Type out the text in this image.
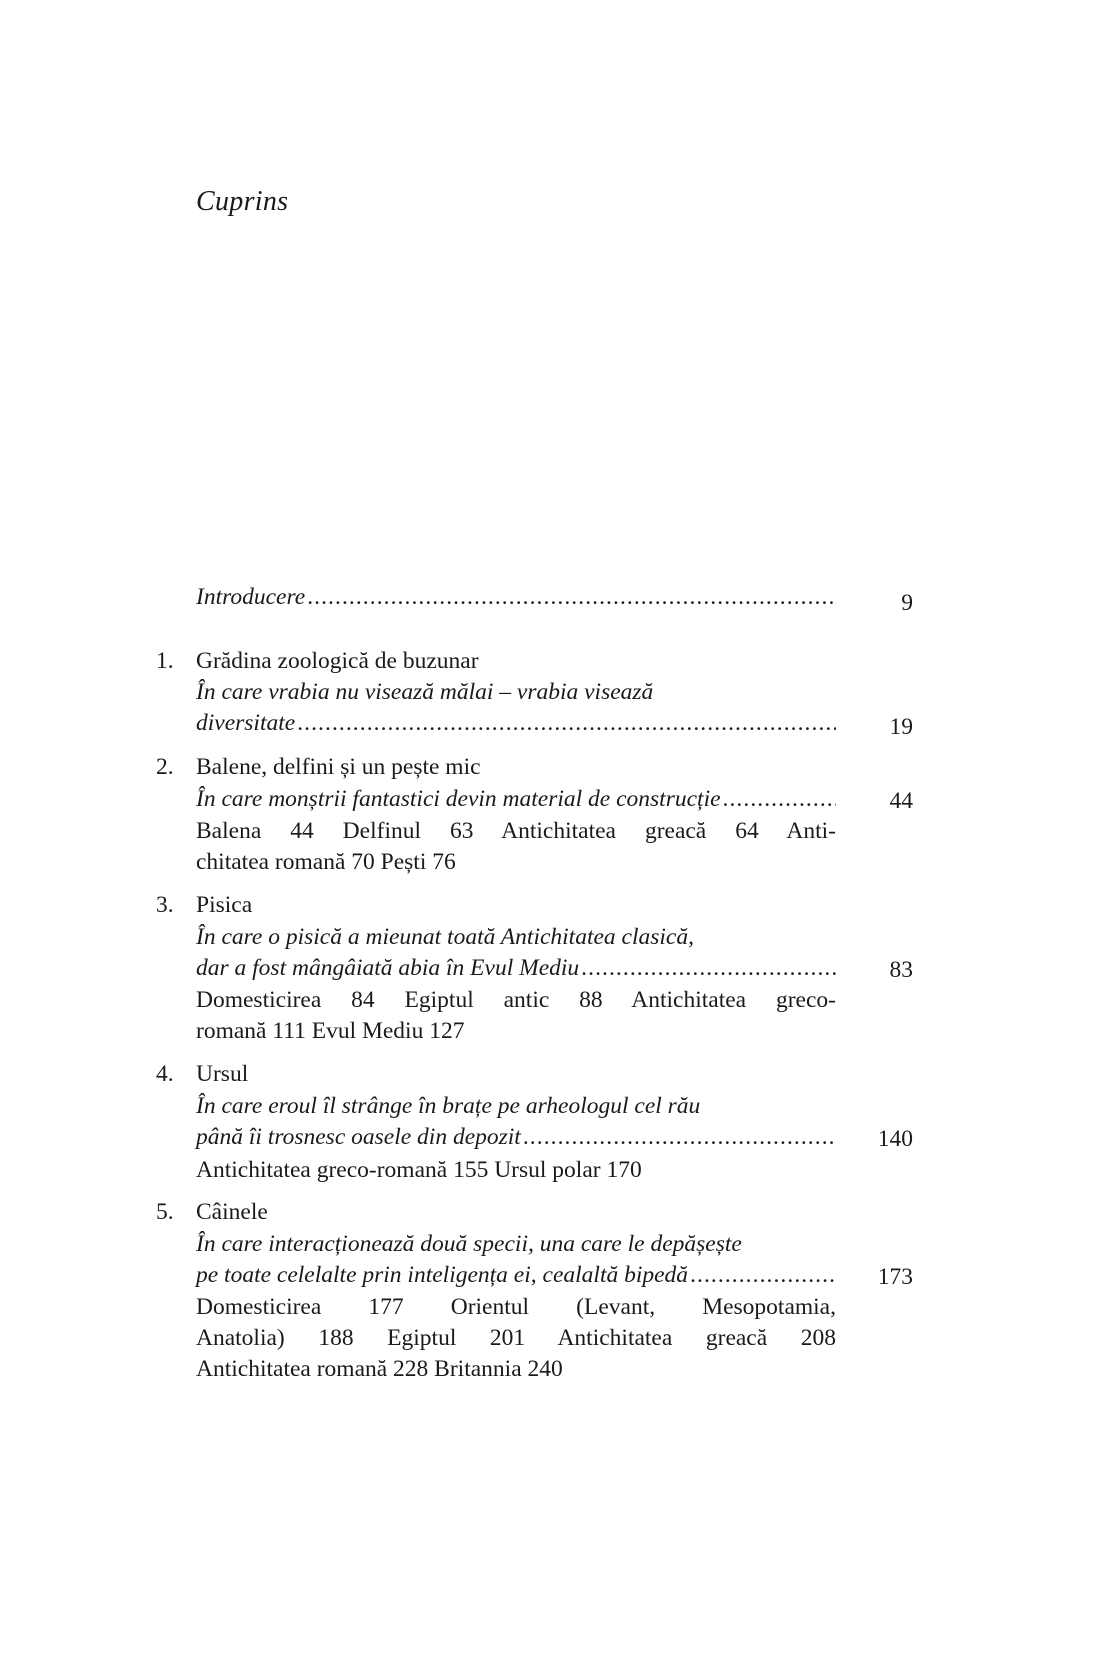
Cuprins
Introducere . . .	9
1. Grădina zoologică de buzunar
În care vrabia nu visează mălai – vrabia visează
diversitate . . .	19
2. Balene, delfini și un pește mic
În care monștrii fantastici devin material de construcție . . .	44
Balena 44 Delfinul 63 Antichitatea greacă 64 Anti-
chitatea romană 70 Pești 76
3. Pisica
În care o pisică a mieunat toată Antichitatea clasică,
dar a fost mângâiată abia în Evul Mediu . . .	83
Domesticirea 84 Egiptul antic 88 Antichitatea greco-
romană 111 Evul Mediu 127
4. Ursul
În care eroul îl strânge în brațe pe arheologul cel rău
până îi trosnesc oasele din depozit . . .	140
Antichitatea greco-romană 155 Ursul polar 170
5. Câinele
În care interacționează două specii, una care le depășește
pe toate celelalte prin inteligența ei, cealaltă bipedă . . .	173
Domesticirea 177 Orientul (Levant, Mesopotamia,
Anatolia) 188 Egiptul 201 Antichitatea greacă 208
Antichitatea romană 228 Britannia 240
